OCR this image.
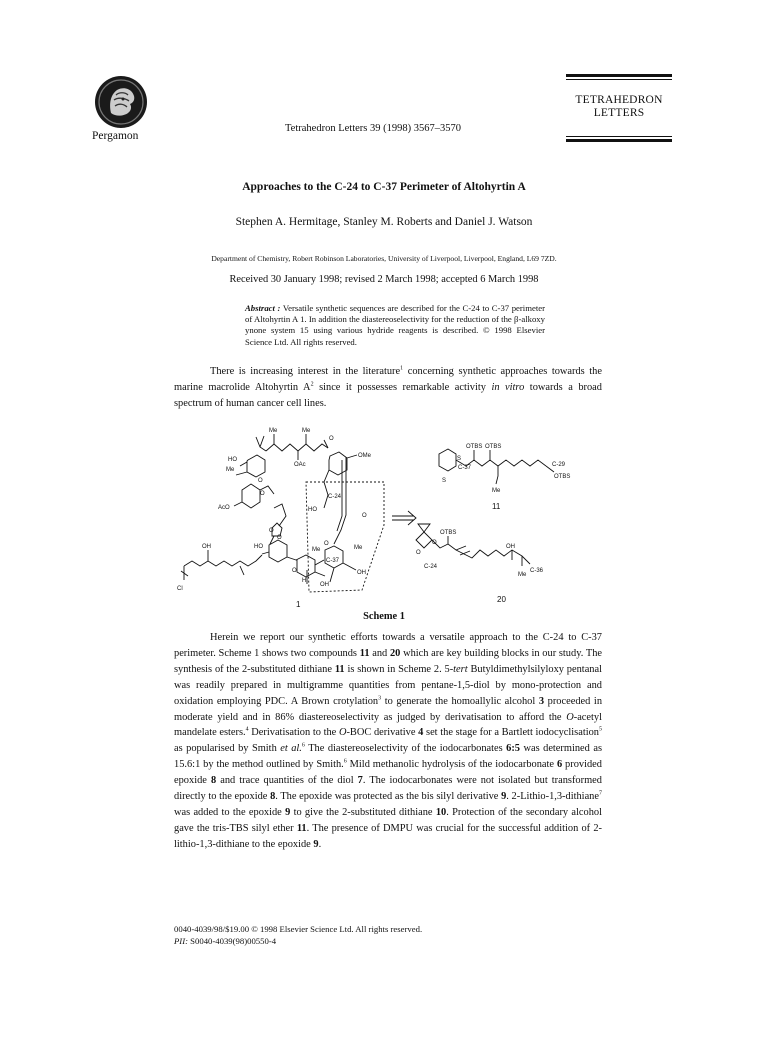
Pergamon
Tetrahedron Letters 39 (1998) 3567–3570
TETRAHEDRON
LETTERS
Approaches to the C-24 to C-37 Perimeter of Altohyrtin A
Stephen A. Hermitage, Stanley M. Roberts and Daniel J. Watson
Department of Chemistry, Robert Robinson Laboratories, University of Liverpool, Liverpool, England, L69 7ZD.
Received 30 January 1998; revised 2 March 1998; accepted 6 March 1998
Abstract : Versatile synthetic sequences are described for the C-24 to C-37 perimeter of Altohyrtin A 1. In addition the diastereoselectivity for the reduction of the β-alkoxy ynone system 15 using various hydride reagents is described. © 1998 Elsevier Science Ltd. All rights reserved.
There is increasing interest in the literature$^1$ concerning synthetic approaches towards the marine macrolide Altohyrtin $A^2$ since it possesses remarkable activity in vitro towards a broad spectrum of human cancer cell lines.
Me	Me
O
OAc
OMe
HO
Me
O
O
AcO
O
O
HO
C-24
HO	O
Me
C-37
OH
O
Me
H
OH
OH
Cl
1
S
S
C-37
OTBS OTBS
C-29
OTBS
Me
11
O
O
OTBS
C-24
OH
C-36
Me
O
20
Scheme 1
Herein we report our synthetic efforts towards a versatile approach to the C-24 to C-37 perimeter. Scheme 1 shows two compounds 11 and 20 which are key building blocks in our study. The synthesis of the 2-substituted dithiane 11 is shown in Scheme 2. 5-tert Butyldimethylsilyloxy pentanal was readily prepared in multigramme quantities from pentane-1,5-diol by mono-protection and oxidation employing PDC. A Brown crotylation$^3$ to generate the homoallylic alcohol 3 proceeded in moderate yield and in 86% diastereoselectivity as judged by derivatisation to afford the O-acetyl mandelate esters.$^4$ Derivatisation to the O-BOC derivative 4 set the stage for a Bartlett iodocyclisation$^5$ as popularised by Smith et al.$^6$ The diastereoselectivity of the iodocarbonates 6:5 was determined as 15.6:1 by the method outlined by Smith.$^6$ Mild methanolic hydrolysis of the iodocarbonate 6 provided epoxide 8 and trace quantities of the diol 7. The iodocarbonates were not isolated but transformed directly to the epoxide 8. The epoxide was protected as the bis silyl derivative 9. 2-Lithio-1,3-dithiane$^7$ was added to the epoxide 9 to give the 2-substituted dithiane 10. Protection of the secondary alcohol gave the tris-TBS silyl ether 11. The presence of DMPU was crucial for the successful addition of 2-lithio-1,3-dithiane to the epoxide 9.
0040-4039/98/$19.00 © 1998 Elsevier Science Ltd. All rights reserved.
PII: S0040-4039(98)00550-4
